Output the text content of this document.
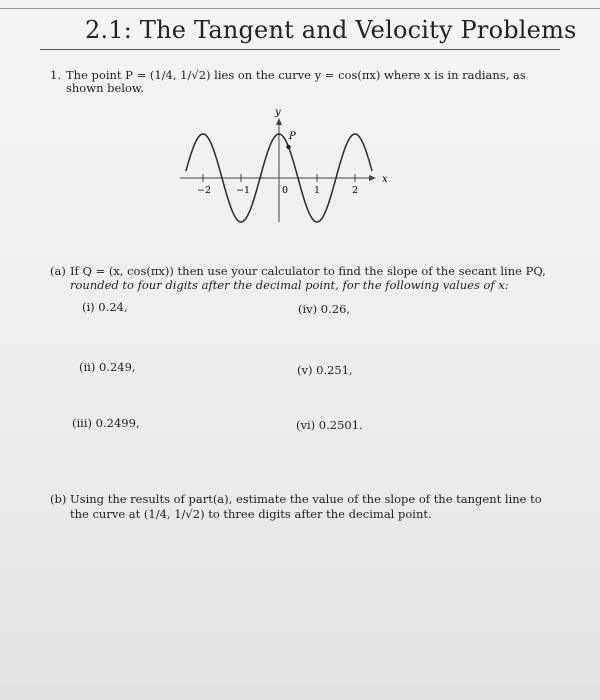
2.1: The Tangent and Velocity Problems
1. The point P = (1/4, 1/√2) lies on the curve y = cos(πx) where x is in radians, as
shown below.
P
y
x
−2	−1	0	1	2
(a) If Q = (x, cos(πx)) then use your calculator to find the slope of the secant line PQ,
rounded to four digits after the decimal point, for the following values of x:
(i) 0.24,	(iv) 0.26,
(ii) 0.249,	(v) 0.251,
(iii) 0.2499,	(vi) 0.2501.
(b) Using the results of part(a), estimate the value of the slope of the tangent line to
the curve at (1/4, 1/√2) to three digits after the decimal point.
